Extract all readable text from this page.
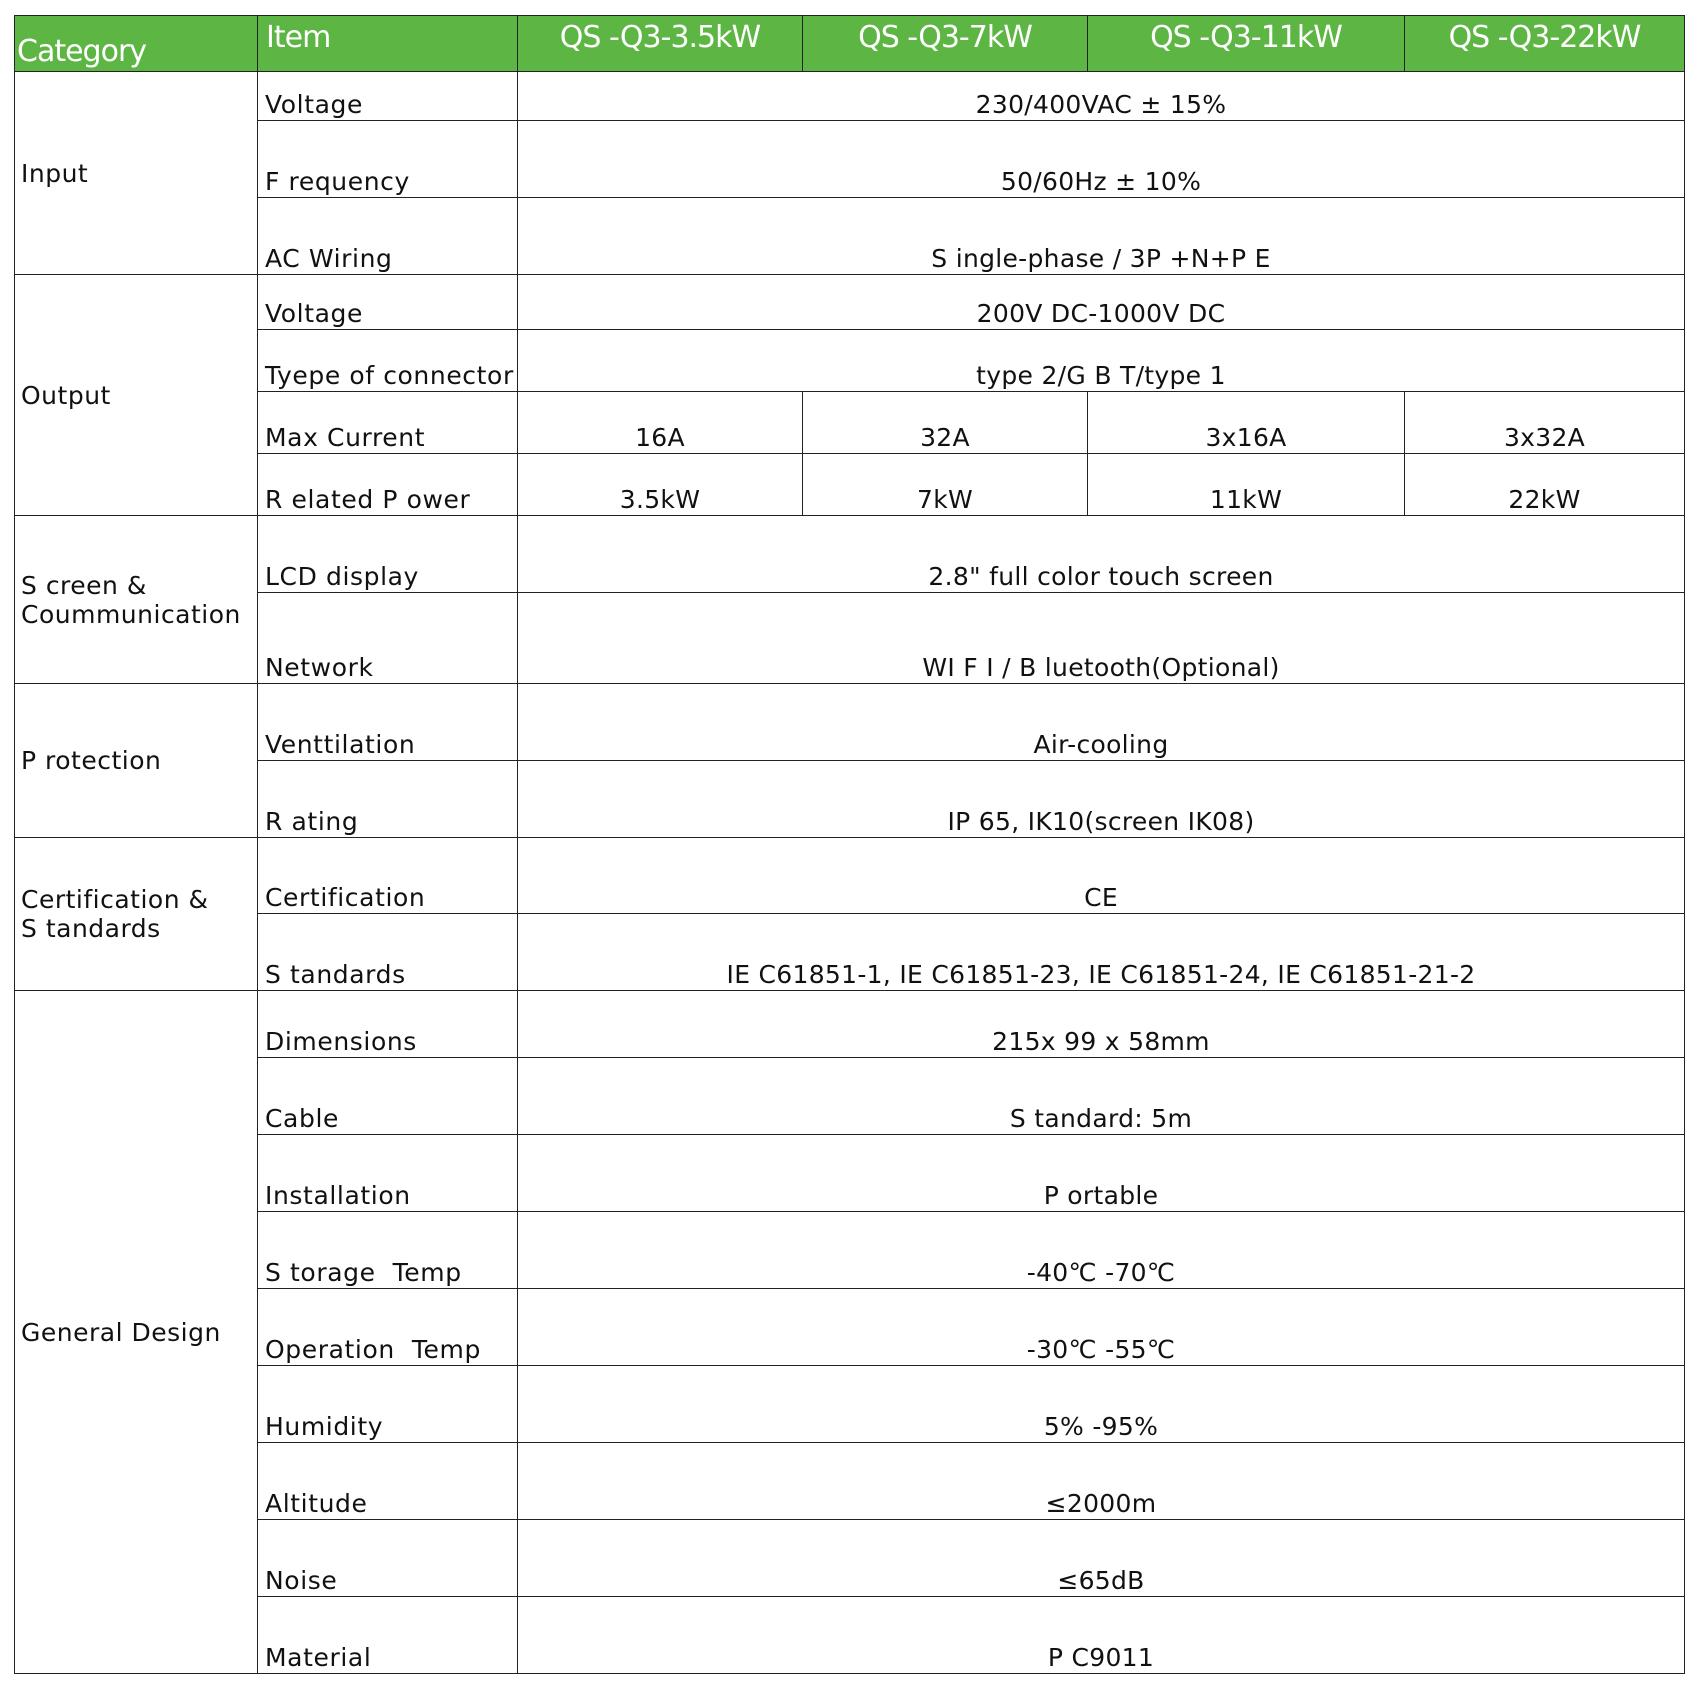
Category	Item	QS -Q3-3.5kW	QS -Q3-7kW	QS -Q3-11kW	QS -Q3-22kW
Input	Voltage	230/400VAC ± 15%			
	F requency	50/60Hz ± 10%			
	AC Wiring	S ingle-phase / 3P +N+P E			
Output	Voltage	200V DC-1000V DC			
	Tyepe of connector	type 2/G B T/type 1			
	Max Current	16A	32A	3x16A	3x32A
	R elated P ower	3.5kW	7kW	11kW	22kW

S creen &
Coummunication	LCD display	2.8" full color touch screen			
	Network	WI F I / B luetooth(Optional)			
P rotection	Venttilation	Air-cooling			
	R ating	IP 65, IK10(screen IK08)			

Certification &
S tandards	Certification	CE			
	S tandards	IE C61851-1, IE C61851-23, IE C61851-24, IE C61851-21-2			
General Design	Dimensions	215x 99 x 58mm			
	Cable	S tandard: 5m			
	Installation	P ortable			
	S torage  Temp	-40℃ -70℃			
	Operation  Temp	-30℃ -55℃			
	Humidity	5% -95%			
	Altitude	≤2000m			
	Noise	≤65dB			
	Material	P C9011			
